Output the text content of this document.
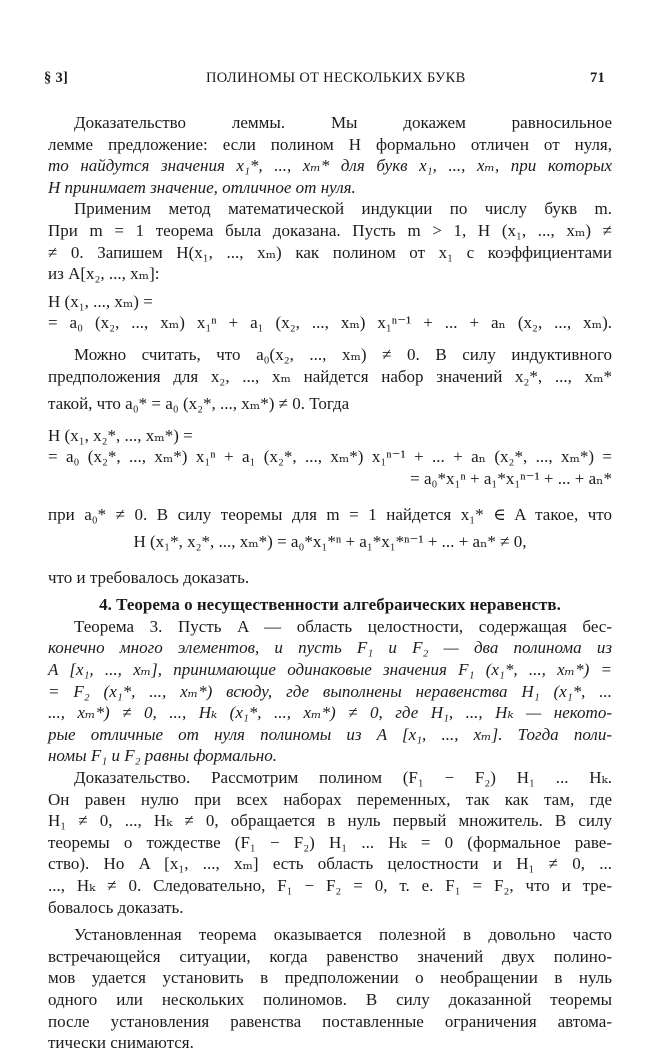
§ 3]	ПОЛИНОМЫ ОТ НЕСКОЛЬКИХ БУКВ	71
Доказательство леммы. Мы докажем равносильное
лемме предложение: если полином H формально отличен от нуля,
то найдутся значения x₁*, ..., xₘ* для букв x₁, ..., xₘ, при которых
H принимает значение, отличное от нуля.
Применим метод математической индукции по числу букв m.
При m = 1 теорема была доказана. Пусть m > 1, H (x₁, ..., xₘ) ≠
≠ 0. Запишем H(x₁, ..., xₘ) как полином от x₁ с коэффициентами
из A[x₂, ..., xₘ]:
H (x₁, ..., xₘ) =
= a₀ (x₂, ..., xₘ) x₁ⁿ + a₁ (x₂, ..., xₘ) x₁ⁿ⁻¹ + ... + aₙ (x₂, ..., xₘ).
Можно считать, что a₀(x₂, ..., xₘ) ≠ 0. В силу индуктивного
предположения для x₂, ..., xₘ найдется набор значений x₂*, ..., xₘ*
такой, что a₀* = a₀ (x₂*, ..., xₘ*) ≠ 0. Тогда
H (x₁, x₂*, ..., xₘ*) =
= a₀ (x₂*, ..., xₘ*) x₁ⁿ + a₁ (x₂*, ..., xₘ*) x₁ⁿ⁻¹ + ... + aₙ (x₂*, ..., xₘ*) =
= a₀*x₁ⁿ + a₁*x₁ⁿ⁻¹ + ... + aₙ*
при a₀* ≠ 0. В силу теоремы для m = 1 найдется x₁* ∈ A такое, что
H (x₁*, x₂*, ..., xₘ*) = a₀*x₁*ⁿ + a₁*x₁*ⁿ⁻¹ + ... + aₙ* ≠ 0,
что и требовалось доказать.
4. Теорема о несущественности алгебраических неравенств.
Теорема 3. Пусть A — область целостности, содержащая бес-
конечно много элементов, и пусть F₁ и F₂ — два полинома из
A [x₁, ..., xₘ], принимающие одинаковые значения F₁ (x₁*, ..., xₘ*) =
= F₂ (x₁*, ..., xₘ*) всюду, где выполнены неравенства H₁ (x₁*, ...
..., xₘ*) ≠ 0, ..., Hₖ (x₁*, ..., xₘ*) ≠ 0, где H₁, ..., Hₖ — некото-
рые отличные от нуля полиномы из A [x₁, ..., xₘ]. Тогда поли-
номы F₁ и F₂ равны формально.
Доказательство. Рассмотрим полином (F₁ − F₂) H₁ ... Hₖ.
Он равен нулю при всех наборах переменных, так как там, где
H₁ ≠ 0, ..., Hₖ ≠ 0, обращается в нуль первый множитель. В силу
теоремы о тождестве (F₁ − F₂) H₁ ... Hₖ = 0 (формальное раве-
ство). Но A [x₁, ..., xₘ] есть область целостности и H₁ ≠ 0, ...
..., Hₖ ≠ 0. Следовательно, F₁ − F₂ = 0, т. е. F₁ = F₂, что и тре-
бовалось доказать.
Установленная теорема оказывается полезной в довольно часто
встречающейся ситуации, когда равенство значений двух полино-
мов удается установить в предположении о необращении в нуль
одного или нескольких полиномов. В силу доказанной теоремы
после установления равенства поставленные ограничения автома-
тически снимаются.
